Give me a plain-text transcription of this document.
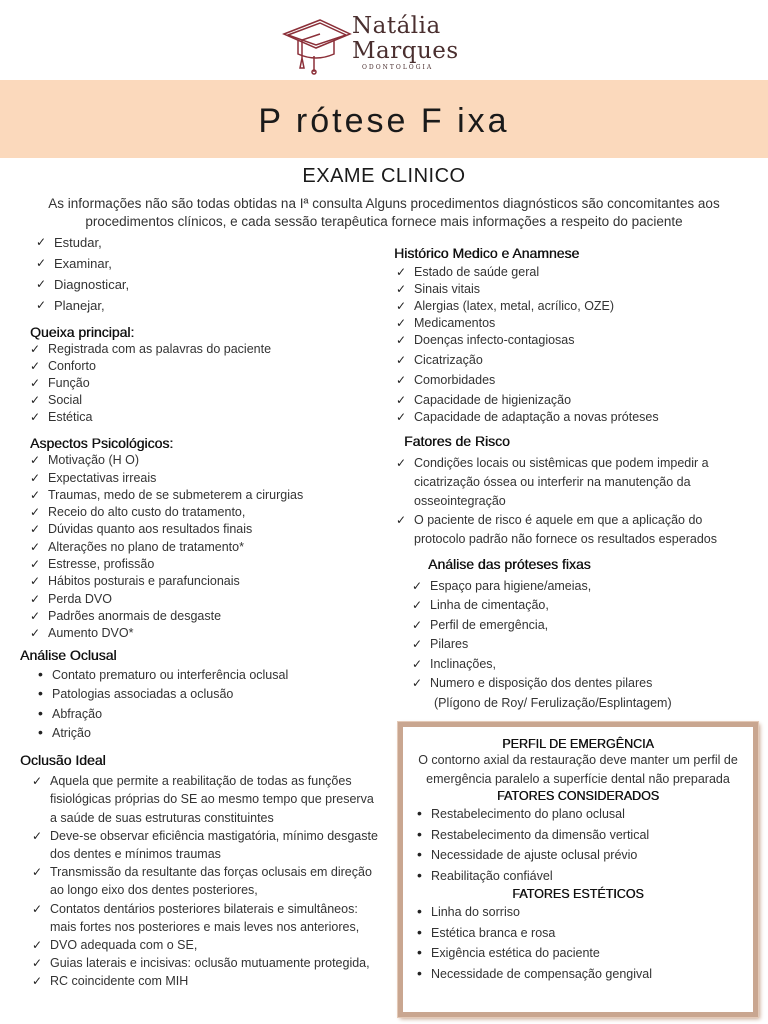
Natália
Marques
ODONTOLOGIA
P rótese F ixa
EXAME CLINICO
As informações não são todas obtidas na Iª consulta Alguns procedimentos diagnósticos são concomitantes aos procedimentos clínicos, e cada sessão terapêutica fornece mais informações a respeito do paciente
✓ Estudar,
✓ Examinar,
✓ Diagnosticar,
✓ Planejar,
Queixa principal:
✓ Registrada com as palavras do paciente
✓ Conforto
✓ Função
✓ Social
✓ Estética
Aspectos Psicológicos:
✓ Motivação (H O)
✓ Expectativas irreais
✓ Traumas, medo de se submeterem a cirurgias
✓ Receio do alto custo do tratamento,
✓ Dúvidas quanto aos resultados finais
✓ Alterações no plano de tratamento*
✓ Estresse, profissão
✓ Hábitos posturais e parafuncionais
✓ Perda DVO
✓ Padrões anormais de desgaste
✓ Aumento DVO*
Análise Oclusal
• Contato prematuro ou interferência oclusal
• Patologias associadas a oclusão
• Abfração
• Atrição
Oclusão Ideal
✓ Aquela que permite a reabilitação de todas as funções fisiológicas próprias do SE ao mesmo tempo que preserva a saúde de suas estruturas constituintes
✓ Deve-se observar eficiência mastigatória, mínimo desgaste dos dentes e mínimos traumas
✓ Transmissão da resultante das forças oclusais em direção ao longo eixo dos dentes posteriores,
✓ Contatos dentários posteriores bilaterais e simultâneos: mais fortes nos posteriores e mais leves nos anteriores,
✓ DVO adequada com o SE,
✓ Guias laterais e incisivas: oclusão mutuamente protegida,
✓ RC coincidente com MIH
Histórico Medico e Anamnese
✓ Estado de saúde geral
✓ Sinais vitais
✓ Alergias (latex, metal, acrílico, OZE)
✓ Medicamentos
✓ Doenças infecto-contagiosas
✓ Cicatrização
✓ Comorbidades
✓ Capacidade de higienização
✓ Capacidade de adaptação a novas próteses
Fatores de Risco
✓ Condições locais ou sistêmicas que podem impedir a cicatrização óssea ou interferir na manutenção da osseointegração
✓ O paciente de risco é aquele em que a aplicação do protocolo padrão não fornece os resultados esperados
Análise das próteses fixas
✓ Espaço para higiene/ameias,
✓ Linha de cimentação,
✓ Perfil de emergência,
✓ Pilares
✓ Inclinações,
✓ Numero e disposição dos dentes pilares
(Plígono de Roy/ Ferulização/Esplintagem)
PERFIL DE EMERGÊNCIA

O contorno axial da restauração deve manter um perfil de emergência paralelo a superfície dental não preparada

FATORES CONSIDERADOS
• Restabelecimento do plano oclusal
• Restabelecimento da dimensão vertical
• Necessidade de ajuste oclusal prévio
• Reabilitação confiável
FATORES ESTÉTICOS
• Linha do sorriso
• Estética branca e rosa
• Exigência estética do paciente
• Necessidade de compensação gengival
